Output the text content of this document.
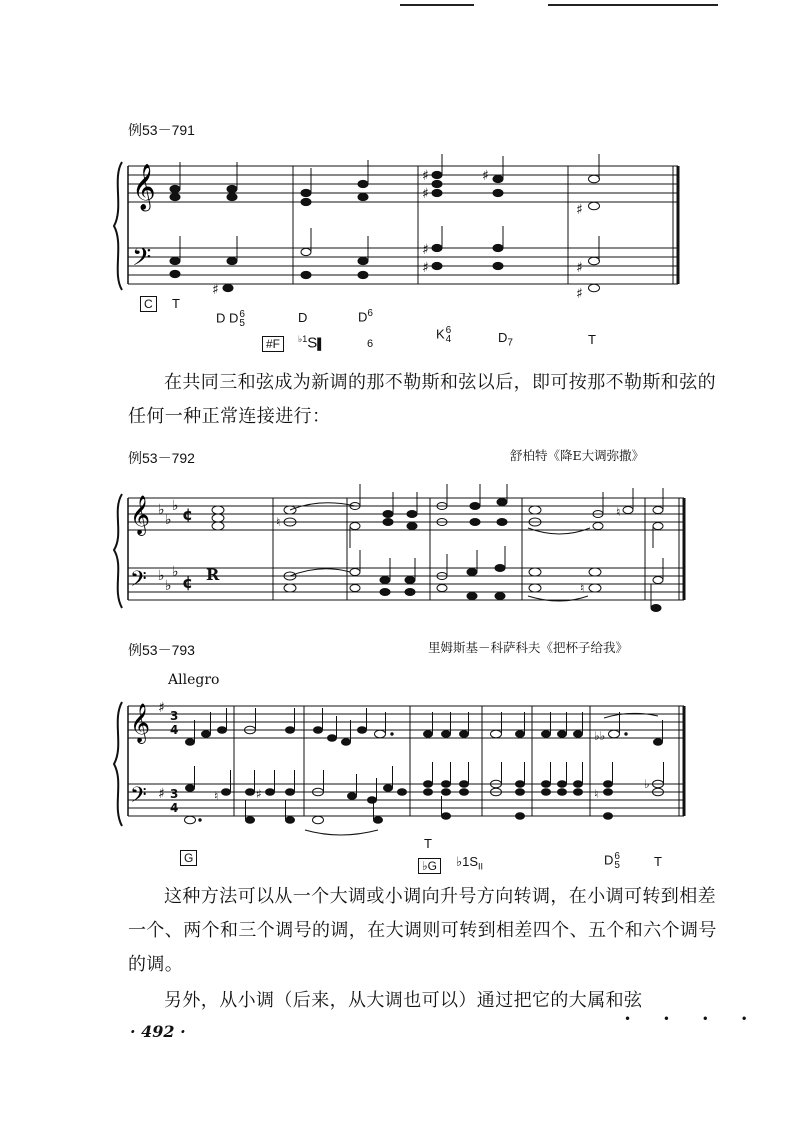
例53－791
𝄞
𝄢
♯
♯
♯
♯
♯
♯
♯
♯
♯
C	T
D D6
5	D	$D^6$
#F	$^{♭1}$S▌	6
K6
4	$D_7$	T
在共同三和弦成为新调的那不勒斯和弦以后，即可按那不勒斯和弦的任何一种正常连接进行：
例53－792	舒柏特《降E大调弥撒》
𝄞
𝄢
♭
♭
♭
♭
♭
♭
¢
¢ R
♮
♮
♮
例53－793	里姆斯基－科萨科夫《把杯子给我》
Allegro
𝄞
𝄢
♯
♯
3
4
3
4
♮	♯
♭♭
♮
♭
G
T
♭G	$♭1S_{II}$	D6
5	T
这种方法可以从一个大调或小调向升号方向转调，在小调可转到相差一个、两个和三个调号的调，在大调则可转到相差四个、五个和六个调号的调。
另外，从小调（后来，从大调也可以）通过把它的大属和弦
• • • •
· 492 ·
